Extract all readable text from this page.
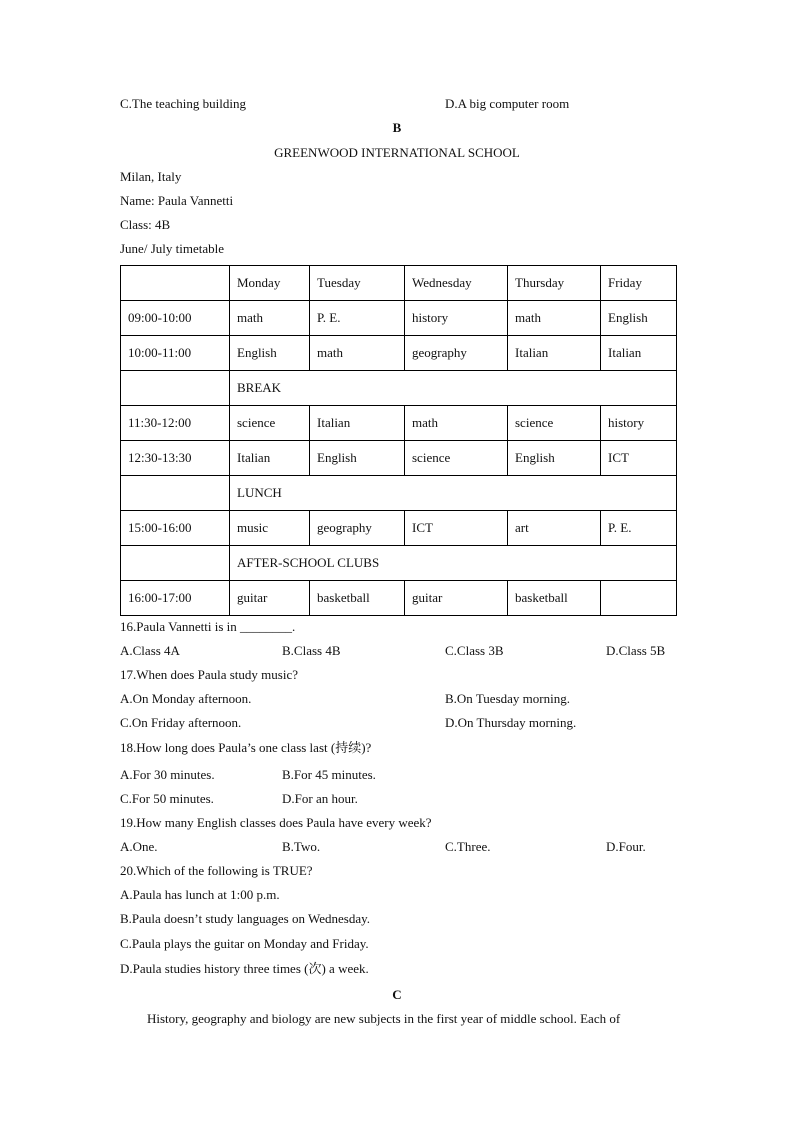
C.The teaching building	D.A big computer room
B
GREENWOOD INTERNATIONAL SCHOOL
Milan, Italy
Name: Paula Vannetti
Class: 4B
June/ July timetable
	Monday	Tuesday	Wednesday	Thursday	Friday
09:00-10:00	math	P. E.	history	math	English
10:00-11:00	English	math	geography	Italian	Italian
	BREAK				
11:30-12:00	science	Italian	math	science	history
12:30-13:30	Italian	English	science	English	ICT
	LUNCH				
15:00-16:00	music	geography	ICT	art	P. E.
	AFTER-SCHOOL CLUBS				
16:00-17:00	guitar	basketball	guitar	basketball	
16.Paula Vannetti is in ________.
A.Class 4A	B.Class 4B	C.Class 3B	D.Class 5B
17.When does Paula study music?
A.On Monday afternoon.	B.On Tuesday morning.
C.On Friday afternoon.	D.On Thursday morning.
18.How long does Paula’s one class last (持续)?
A.For 30 minutes.	B.For 45 minutes.
C.For 50 minutes.	D.For an hour.
19.How many English classes does Paula have every week?
A.One.	B.Two.	C.Three.	D.Four.
20.Which of the following is TRUE?
A.Paula has lunch at 1:00 p.m.
B.Paula doesn’t study languages on Wednesday.
C.Paula plays the guitar on Monday and Friday.
D.Paula studies history three times (次) a week.
C
History, geography and biology are new subjects in the first year of middle school. Each of
